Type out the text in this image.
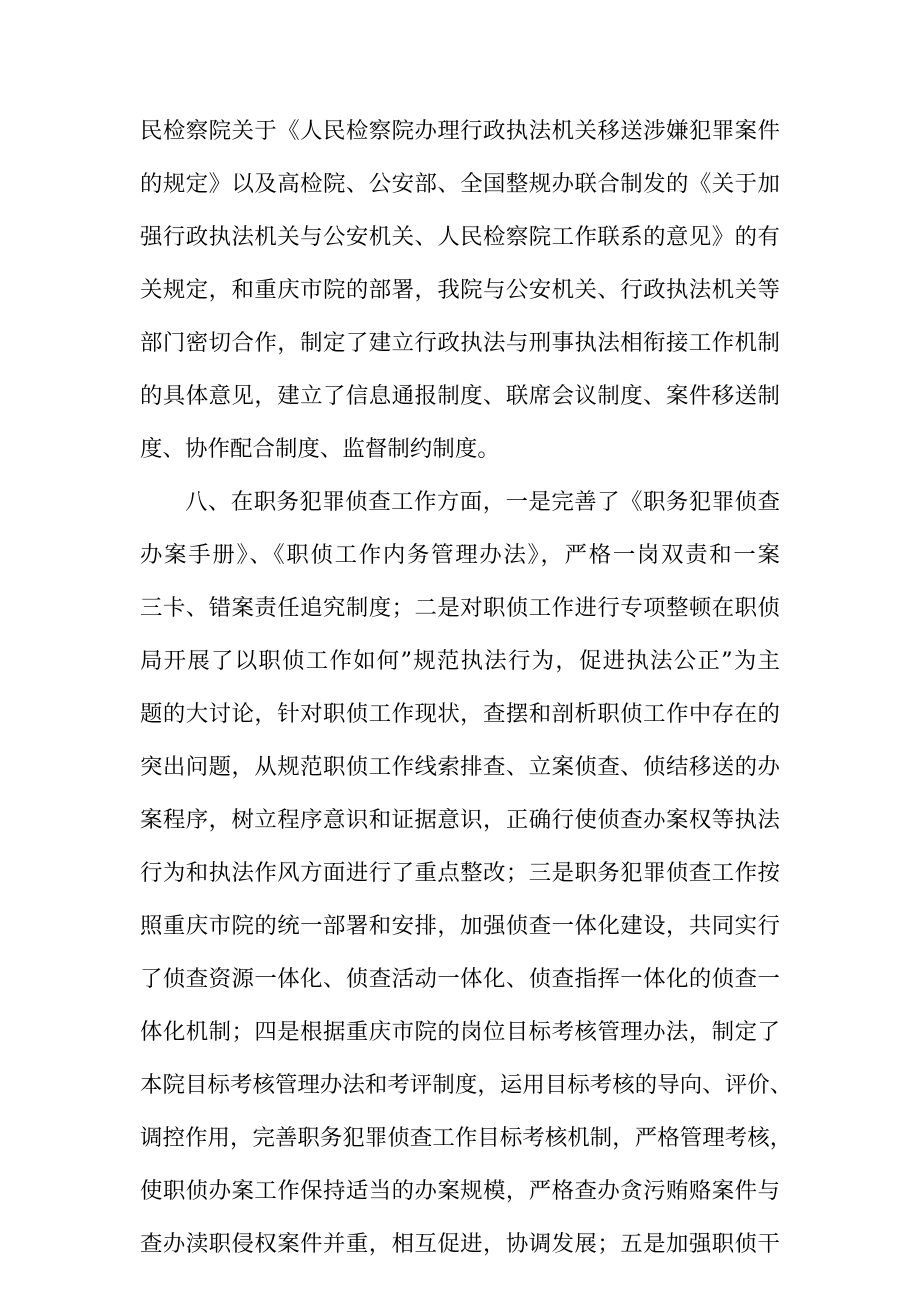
民检察院关于《人民检察院办理行政执法机关移送涉嫌犯罪案件
的规定》以及高检院、公安部、全国整规办联合制发的《关于加
强行政执法机关与公安机关、人民检察院工作联系的意见》的有
关规定，和重庆市院的部署，我院与公安机关、行政执法机关等
部门密切合作，制定了建立行政执法与刑事执法相衔接工作机制
的具体意见，建立了信息通报制度、联席会议制度、案件移送制
度、协作配合制度、监督制约制度。
八、在职务犯罪侦查工作方面，一是完善了《职务犯罪侦查
办案手册》、《职侦工作内务管理办法》，严格一岗双责和一案
三卡、错案责任追究制度；二是对职侦工作进行专项整顿在职侦
局开展了以职侦工作如何”规范执法行为，促进执法公正”为主
题的大讨论，针对职侦工作现状，查摆和剖析职侦工作中存在的
突出问题，从规范职侦工作线索排查、立案侦查、侦结移送的办
案程序，树立程序意识和证据意识，正确行使侦查办案权等执法
行为和执法作风方面进行了重点整改；三是职务犯罪侦查工作按
照重庆市院的统一部署和安排，加强侦查一体化建设，共同实行
了侦查资源一体化、侦查活动一体化、侦查指挥一体化的侦查一
体化机制；四是根据重庆市院的岗位目标考核管理办法，制定了
本院目标考核管理办法和考评制度，运用目标考核的导向、评价、
调控作用，完善职务犯罪侦查工作目标考核机制，严格管理考核，
使职侦办案工作保持适当的办案规模，严格查办贪污贿赂案件与
查办渎职侵权案件并重，相互促进，协调发展；五是加强职侦干
